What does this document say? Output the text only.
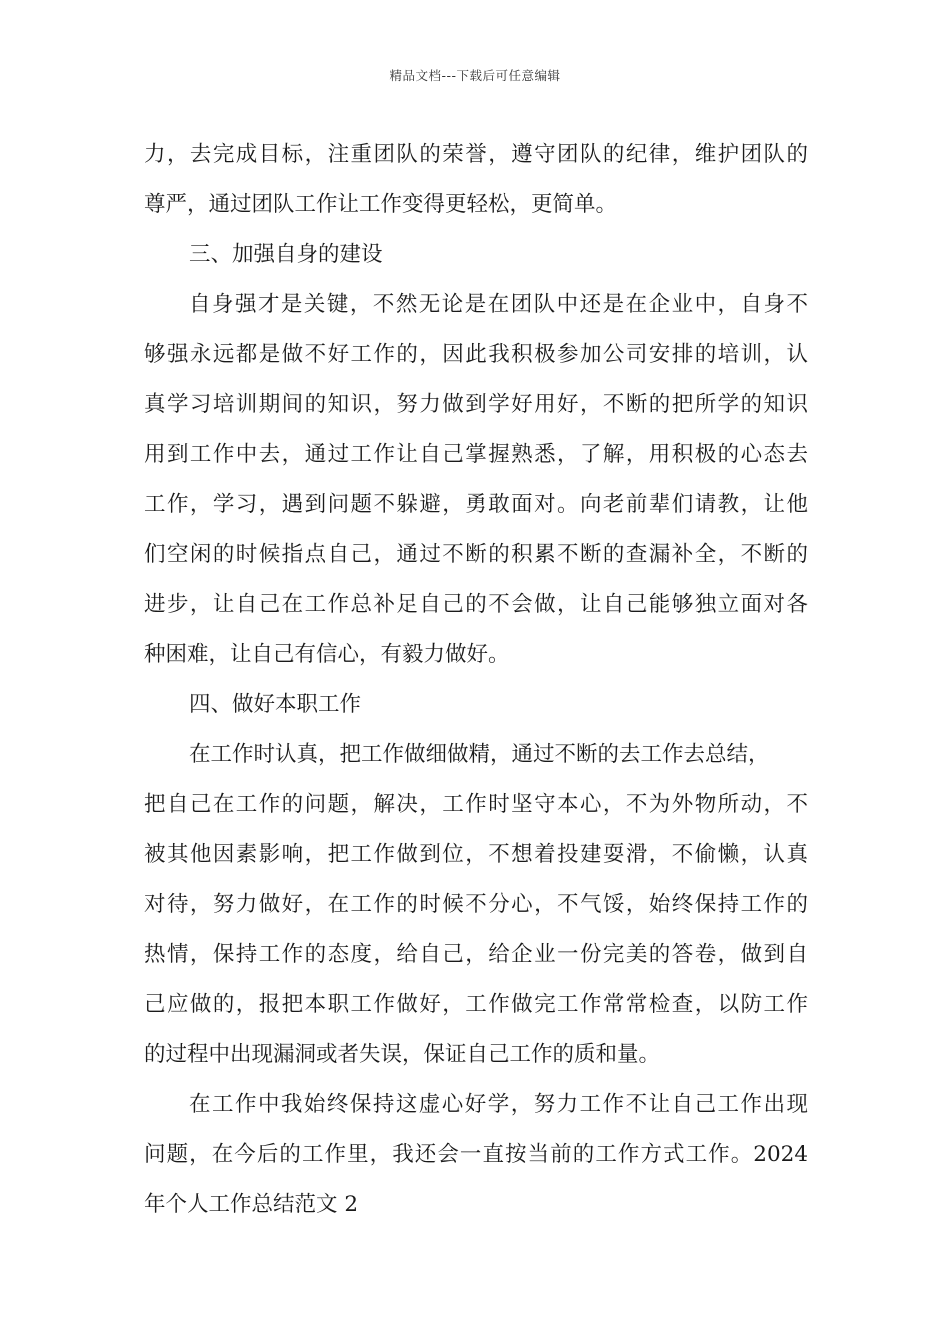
精品文档---下载后可任意编辑
力，去完成目标，注重团队的荣誉，遵守团队的纪律，维护团队的
尊严，通过团队工作让工作变得更轻松，更简单。
三、加强自身的建设
自身强才是关键，不然无论是在团队中还是在企业中，自身不
够强永远都是做不好工作的，因此我积极参加公司安排的培训，认
真学习培训期间的知识，努力做到学好用好，不断的把所学的知识
用到工作中去，通过工作让自己掌握熟悉，了解，用积极的心态去
工作，学习，遇到问题不躲避，勇敢面对。向老前辈们请教，让他
们空闲的时候指点自己，通过不断的积累不断的查漏补全，不断的
进步，让自己在工作总补足自己的不会做，让自己能够独立面对各
种困难，让自己有信心，有毅力做好。
四、做好本职工作
在工作时认真，把工作做细做精，通过不断的去工作去总结，
把自己在工作的问题，解决，工作时坚守本心，不为外物所动，不
被其他因素影响，把工作做到位，不想着投建耍滑，不偷懒，认真
对待，努力做好，在工作的时候不分心，不气馁，始终保持工作的
热情，保持工作的态度，给自己，给企业一份完美的答卷，做到自
己应做的，报把本职工作做好，工作做完工作常常检查，以防工作
的过程中出现漏洞或者失误，保证自己工作的质和量。
在工作中我始终保持这虚心好学，努力工作不让自己工作出现
问题，在今后的工作里，我还会一直按当前的工作方式工作。2024
年个人工作总结范文 2
